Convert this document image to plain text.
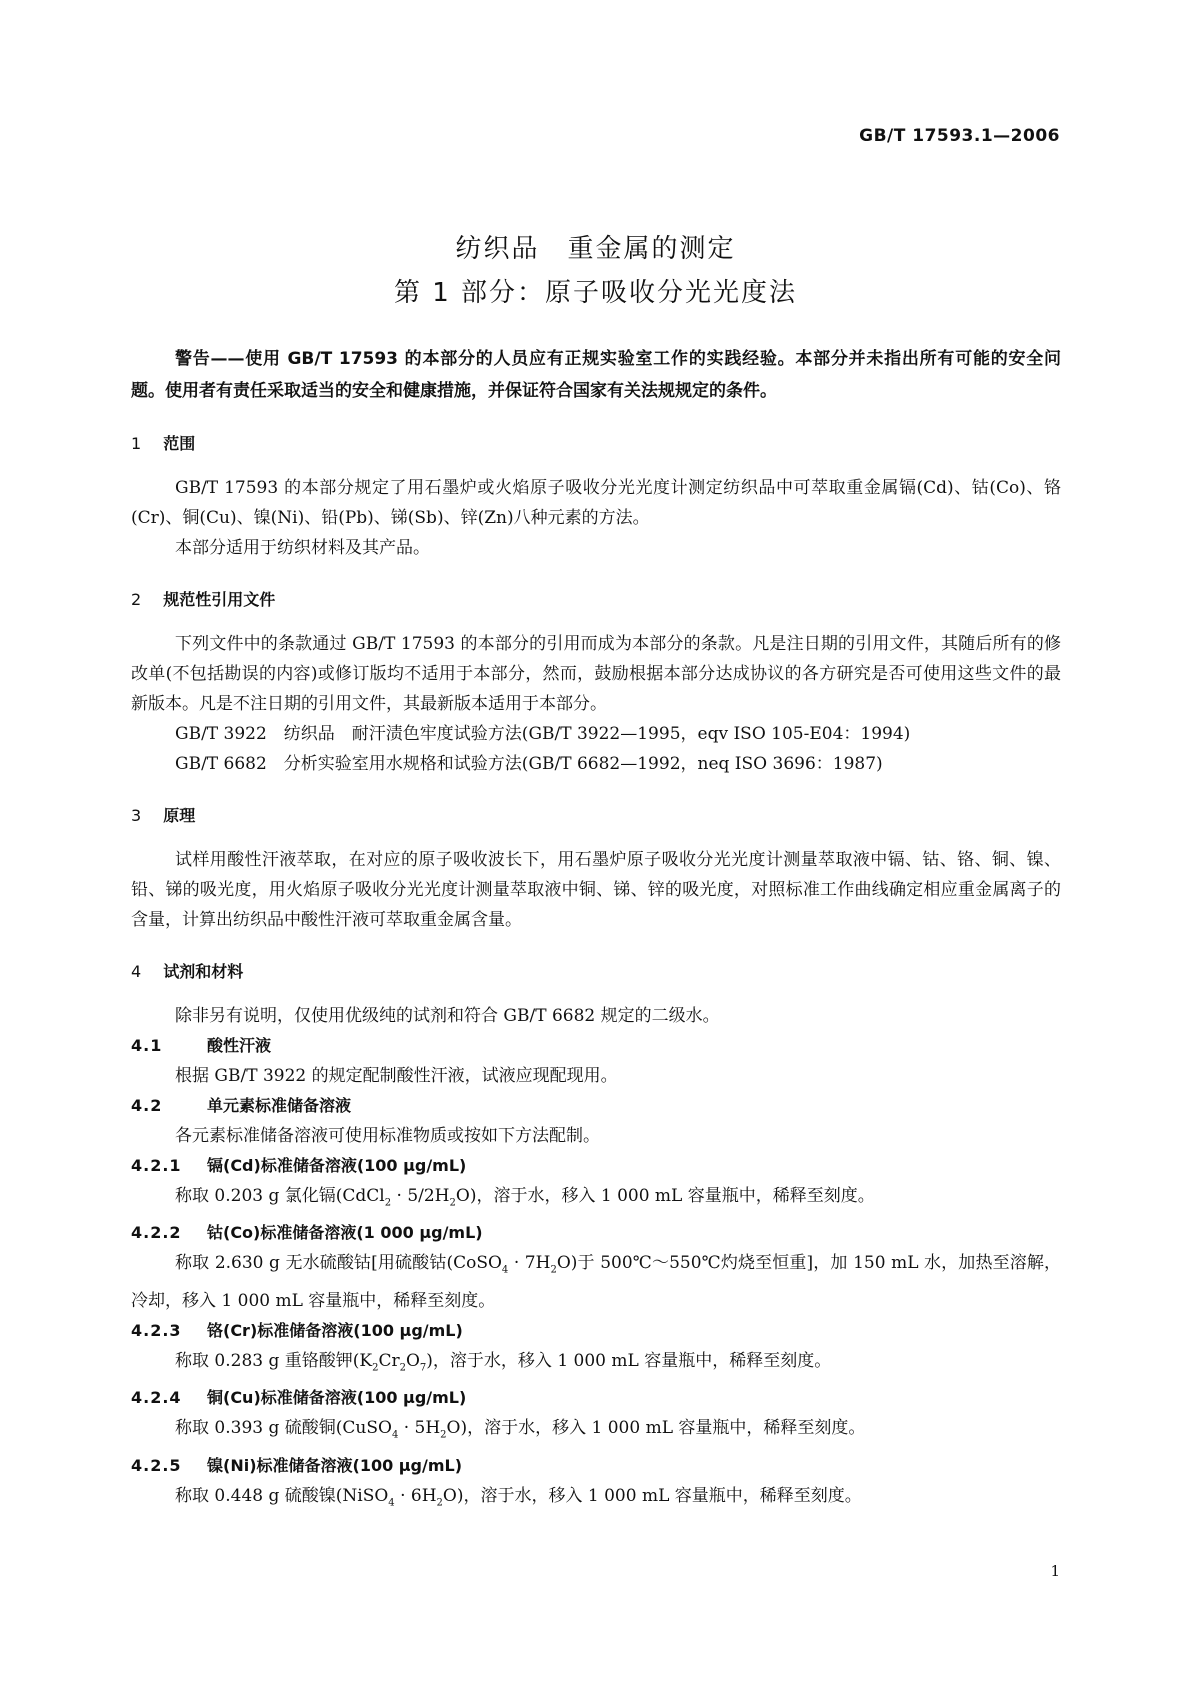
GB/T 17593.1—2006
纺织品　重金属的测定
第 1 部分：原子吸收分光光度法

警告——使用 GB/T 17593 的本部分的人员应有正规实验室工作的实践经验。本部分并未指出所有可能的安全问题。使用者有责任采取适当的安全和健康措施，并保证符合国家有关法规规定的条件。

1 范围

GB/T 17593 的本部分规定了用石墨炉或火焰原子吸收分光光度计测定纺织品中可萃取重金属镉(Cd)、钴(Co)、铬(Cr)、铜(Cu)、镍(Ni)、铅(Pb)、锑(Sb)、锌(Zn)八种元素的方法。

本部分适用于纺织材料及其产品。

2 规范性引用文件

下列文件中的条款通过 GB/T 17593 的本部分的引用而成为本部分的条款。凡是注日期的引用文件，其随后所有的修改单(不包括勘误的内容)或修订版均不适用于本部分，然而，鼓励根据本部分达成协议的各方研究是否可使用这些文件的最新版本。凡是不注日期的引用文件，其最新版本适用于本部分。

GB/T 3922　纺织品　耐汗渍色牢度试验方法(GB/T 3922—1995，eqv ISO 105-E04：1994)

GB/T 6682　分析实验室用水规格和试验方法(GB/T 6682—1992，neq ISO 3696：1987)

3 原理

试样用酸性汗液萃取，在对应的原子吸收波长下，用石墨炉原子吸收分光光度计测量萃取液中镉、钴、铬、铜、镍、铅、锑的吸光度，用火焰原子吸收分光光度计测量萃取液中铜、锑、锌的吸光度，对照标准工作曲线确定相应重金属离子的含量，计算出纺织品中酸性汗液可萃取重金属含量。

4 试剂和材料

除非另有说明，仅使用优级纯的试剂和符合 GB/T 6682 规定的二级水。

4.1	酸性汗液

根据 GB/T 3922 的规定配制酸性汗液，试液应现配现用。

4.2	单元素标准储备溶液

各元素标准储备溶液可使用标准物质或按如下方法配制。

4.2.1 镉(Cd)标准储备溶液(100 μg/mL)

称取 0.203 g 氯化镉(CdCl$_2$ · $5/2H_2O$)，溶于水，移入 1 000 mL 容量瓶中，稀释至刻度。

4.2.2 钴(Co)标准储备溶液(1 000 μg/mL)

称取 2.630 g 无水硫酸钴[用硫酸钴(CoSO$_4$ · $7H_2O$)于 500℃～550℃灼烧至恒重]，加 150 mL 水，加热至溶解，冷却，移入 1 000 mL 容量瓶中，稀释至刻度。

4.2.3 铬(Cr)标准储备溶液(100 μg/mL)

称取 0.283 g 重铬酸钾$(K_2Cr_2O_7)$，溶于水，移入 1 000 mL 容量瓶中，稀释至刻度。

4.2.4 铜(Cu)标准储备溶液(100 μg/mL)

称取 0.393 g 硫酸铜(CuSO$_4$ · $5H_2O$)，溶于水，移入 1 000 mL 容量瓶中，稀释至刻度。

4.2.5 镍(Ni)标准储备溶液(100 μg/mL)

称取 0.448 g 硫酸镍(NiSO$_4$ · $6H_2O$)，溶于水，移入 1 000 mL 容量瓶中，稀释至刻度。

1
